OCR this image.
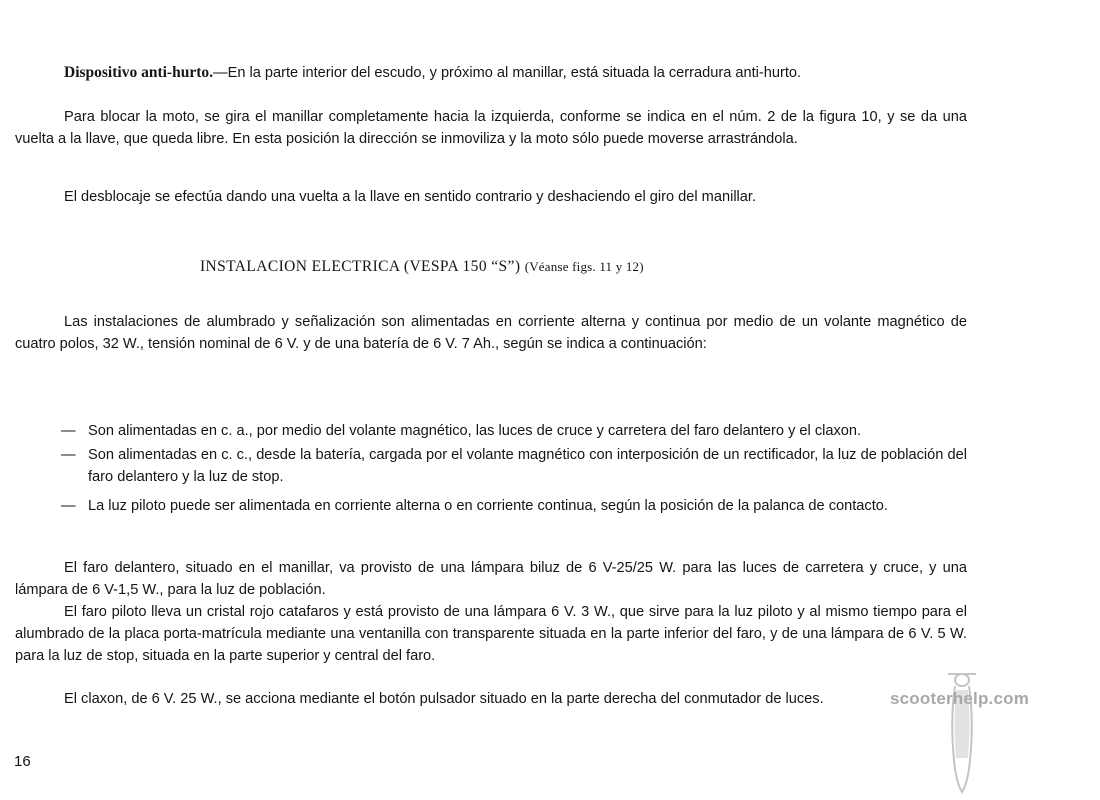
Dispositivo anti-hurto.—En la parte interior del escudo, y próximo al manillar, está situada la cerradura anti-hurto.

Para blocar la moto, se gira el manillar completamente hacia la izquierda, conforme se indica en el núm. 2 de la figura 10, y se da una vuelta a la llave, que queda libre. En esta posición la dirección se inmoviliza y la moto sólo puede moverse arrastrándola.

El desblocaje se efectúa dando una vuelta a la llave en sentido contrario y deshaciendo el giro del manillar.

INSTALACION ELECTRICA (VESPA 150 “S”) (Véanse figs. 11 y 12)

Las instalaciones de alumbrado y señalización son alimentadas en corriente alterna y continua por medio de un volante magnético de cuatro polos, 32 W., tensión nominal de 6 V. y de una batería de 6 V. 7 Ah., según se indica a continuación:

— Son alimentadas en c. a., por medio del volante magnético, las luces de cruce y carretera del faro delantero y el claxon.
— Son alimentadas en c. c., desde la batería, cargada por el volante magnético con interposición de un rectificador, la luz de población del faro delantero y la luz de stop.
— La luz piloto puede ser alimentada en corriente alterna o en corriente continua, según la posición de la palanca de contacto.

El faro delantero, situado en el manillar, va provisto de una lámpara biluz de 6 V-25/25 W. para las luces de carretera y cruce, y una lámpara de 6 V-1,5 W., para la luz de población.

El faro piloto lleva un cristal rojo catafaros y está provisto de una lámpara 6 V. 3 W., que sirve para la luz piloto y al mismo tiempo para el alumbrado de la placa porta-matrícula mediante una ventanilla con transparente situada en la parte inferior del faro, y de una lámpara de 6 V. 5 W. para la luz de stop, situada en la parte superior y central del faro.

El claxon, de 6 V. 25 W., se acciona mediante el botón pulsador situado en la parte derecha del conmutador de luces.

16

scooterhelp.com
